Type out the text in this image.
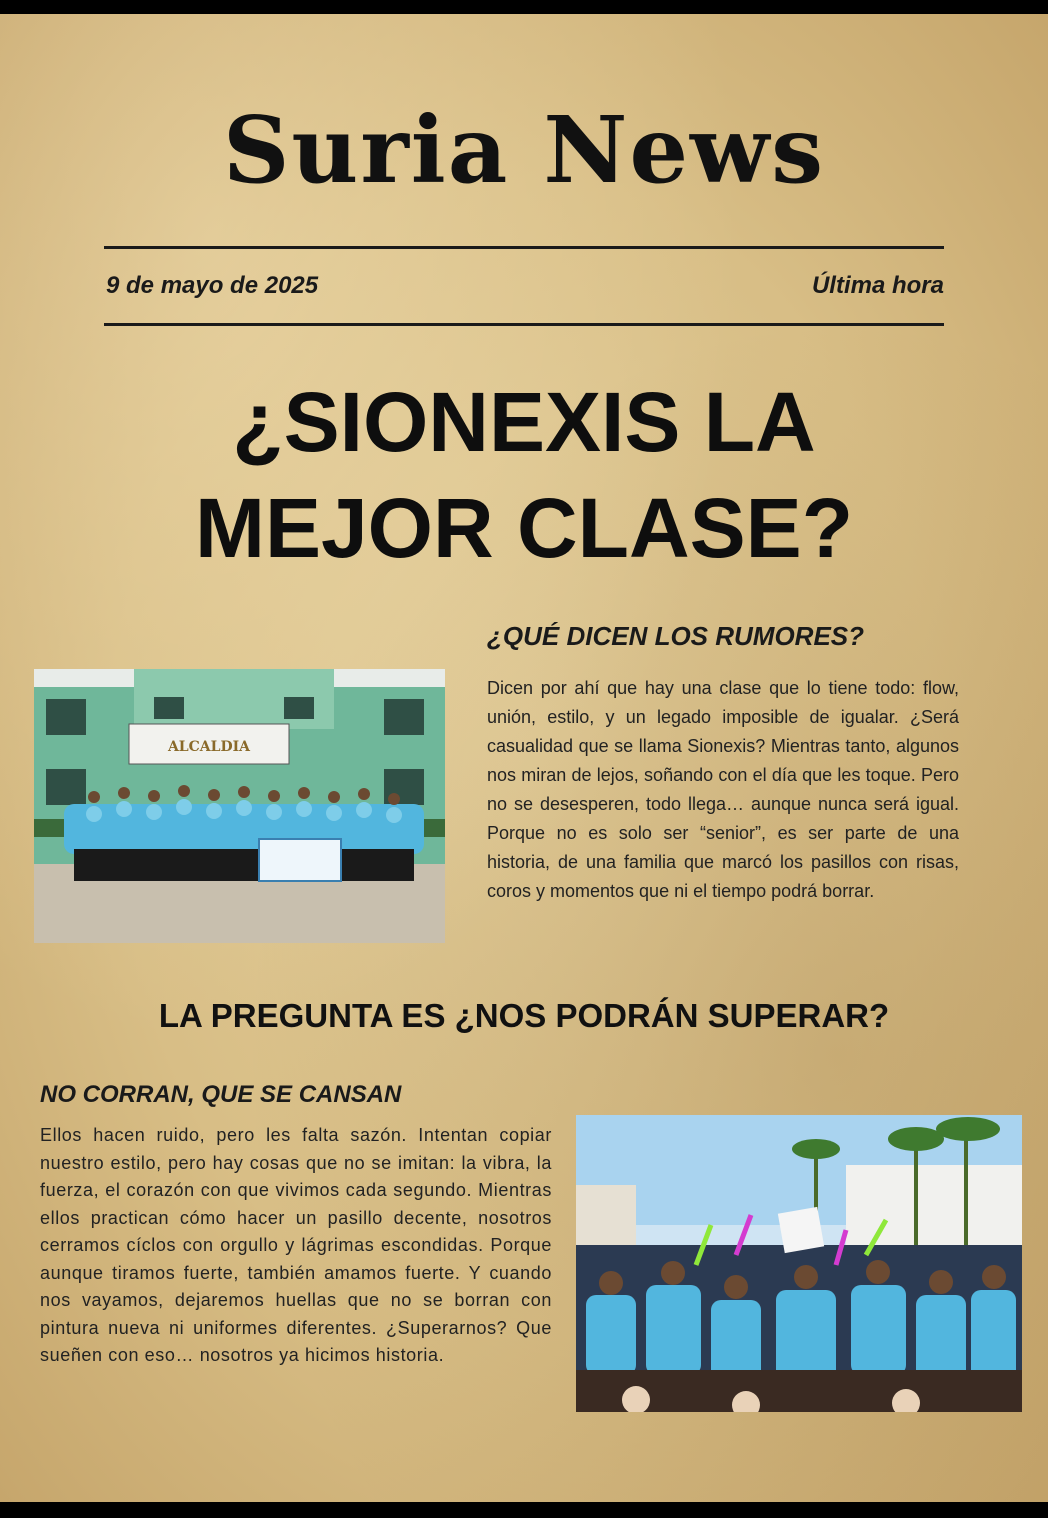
Suria News
9 de mayo de 2025	Última hora
¿SIONEXIS LA
MEJOR CLASE?
¿QUÉ DICEN LOS RUMORES?
ALCALDIA
Dicen por ahí que hay una clase que lo tiene todo: flow, unión, estilo, y un legado imposible de igualar. ¿Será casualidad que se llama Sionexis? Mientras tanto, algunos nos miran de lejos, soñando con el día que les toque. Pero no se desesperen, todo llega… aunque nunca será igual. Porque no es solo ser “senior”, es ser parte de una historia, de una familia que marcó los pasillos con risas, coros y momentos que ni el tiempo podrá borrar.
LA PREGUNTA ES ¿NOS PODRÁN SUPERAR?
NO CORRAN, QUE SE CANSAN
Ellos hacen ruido, pero les falta sazón. Intentan copiar nuestro estilo, pero hay cosas que no se imitan: la vibra, la fuerza, el corazón con que vivimos cada segundo. Mientras ellos practican cómo hacer un pasillo decente, nosotros cerramos cíclos con orgullo y lágrimas escondidas. Porque aunque tiramos fuerte, también amamos fuerte. Y cuando nos vayamos, dejaremos huellas que no se borran con pintura nueva ni uniformes diferentes. ¿Superarnos? Que sueñen con eso… nosotros ya hicimos historia.
